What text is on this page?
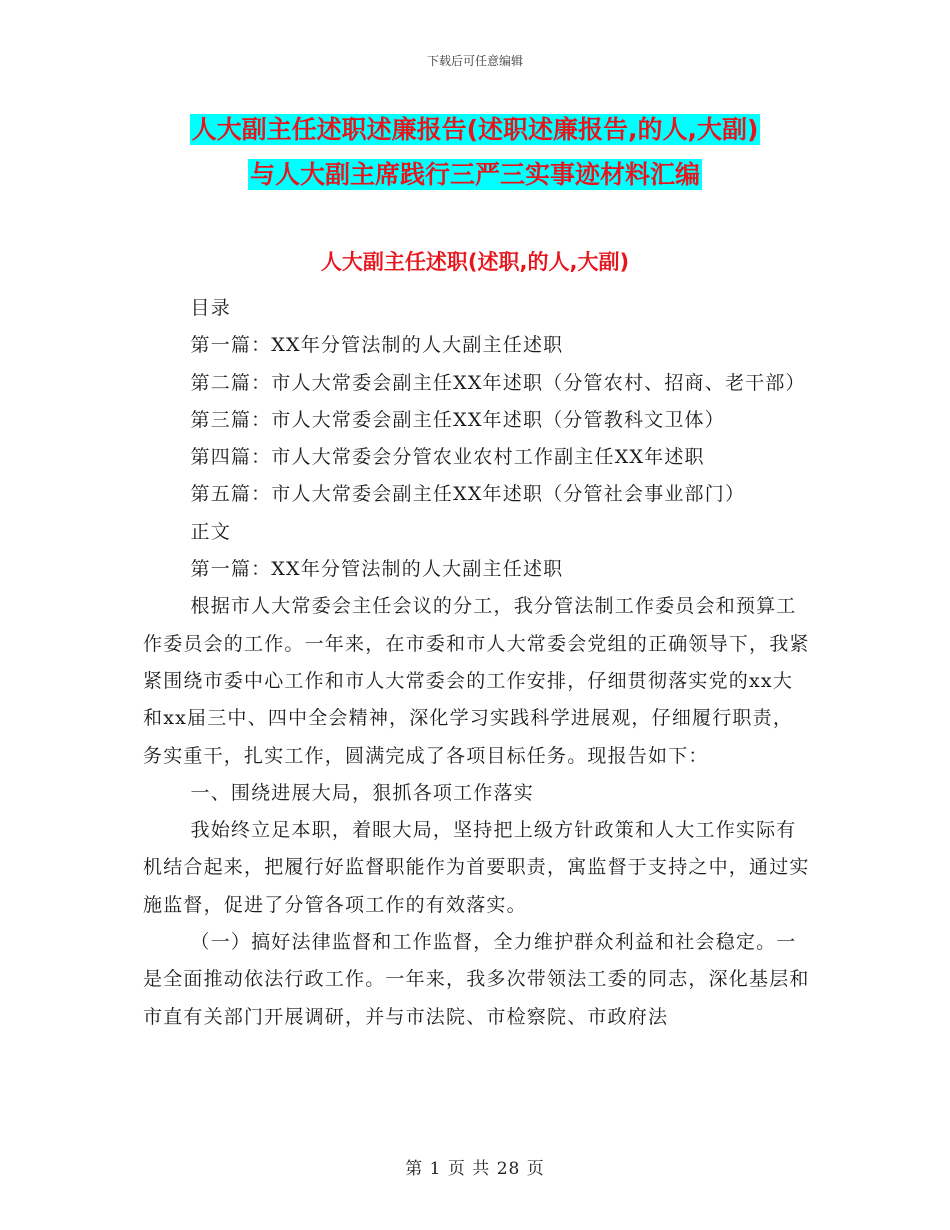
下载后可任意编辑
人大副主任述职述廉报告(述职述廉报告,的人,大副)
与人大副主席践行三严三实事迹材料汇编
人大副主任述职(述职,的人,大副)

目录

第一篇：XX年分管法制的人大副主任述职

第二篇：市人大常委会副主任XX年述职（分管农村、招商、老干部）

第三篇：市人大常委会副主任XX年述职（分管教科文卫体）

第四篇：市人大常委会分管农业农村工作副主任XX年述职

第五篇：市人大常委会副主任XX年述职（分管社会事业部门）

正文

第一篇：XX年分管法制的人大副主任述职

根据市人大常委会主任会议的分工，我分管法制工作委员会和预算工作委员会的工作。一年来，在市委和市人大常委会党组的正确领导下，我紧紧围绕市委中心工作和市人大常委会的工作安排，仔细贯彻落实党的xx大和xx届三中、四中全会精神，深化学习实践科学进展观，仔细履行职责，务实重干，扎实工作，圆满完成了各项目标任务。现报告如下：

一、围绕进展大局，狠抓各项工作落实

我始终立足本职，着眼大局，坚持把上级方针政策和人大工作实际有机结合起来，把履行好监督职能作为首要职责，寓监督于支持之中，通过实施监督，促进了分管各项工作的有效落实。

（一）搞好法律监督和工作监督，全力维护群众利益和社会稳定。一是全面推动依法行政工作。一年来，我多次带领法工委的同志，深化基层和市直有关部门开展调研，并与市法院、市检察院、市政府法

第 1 页 共 28 页
